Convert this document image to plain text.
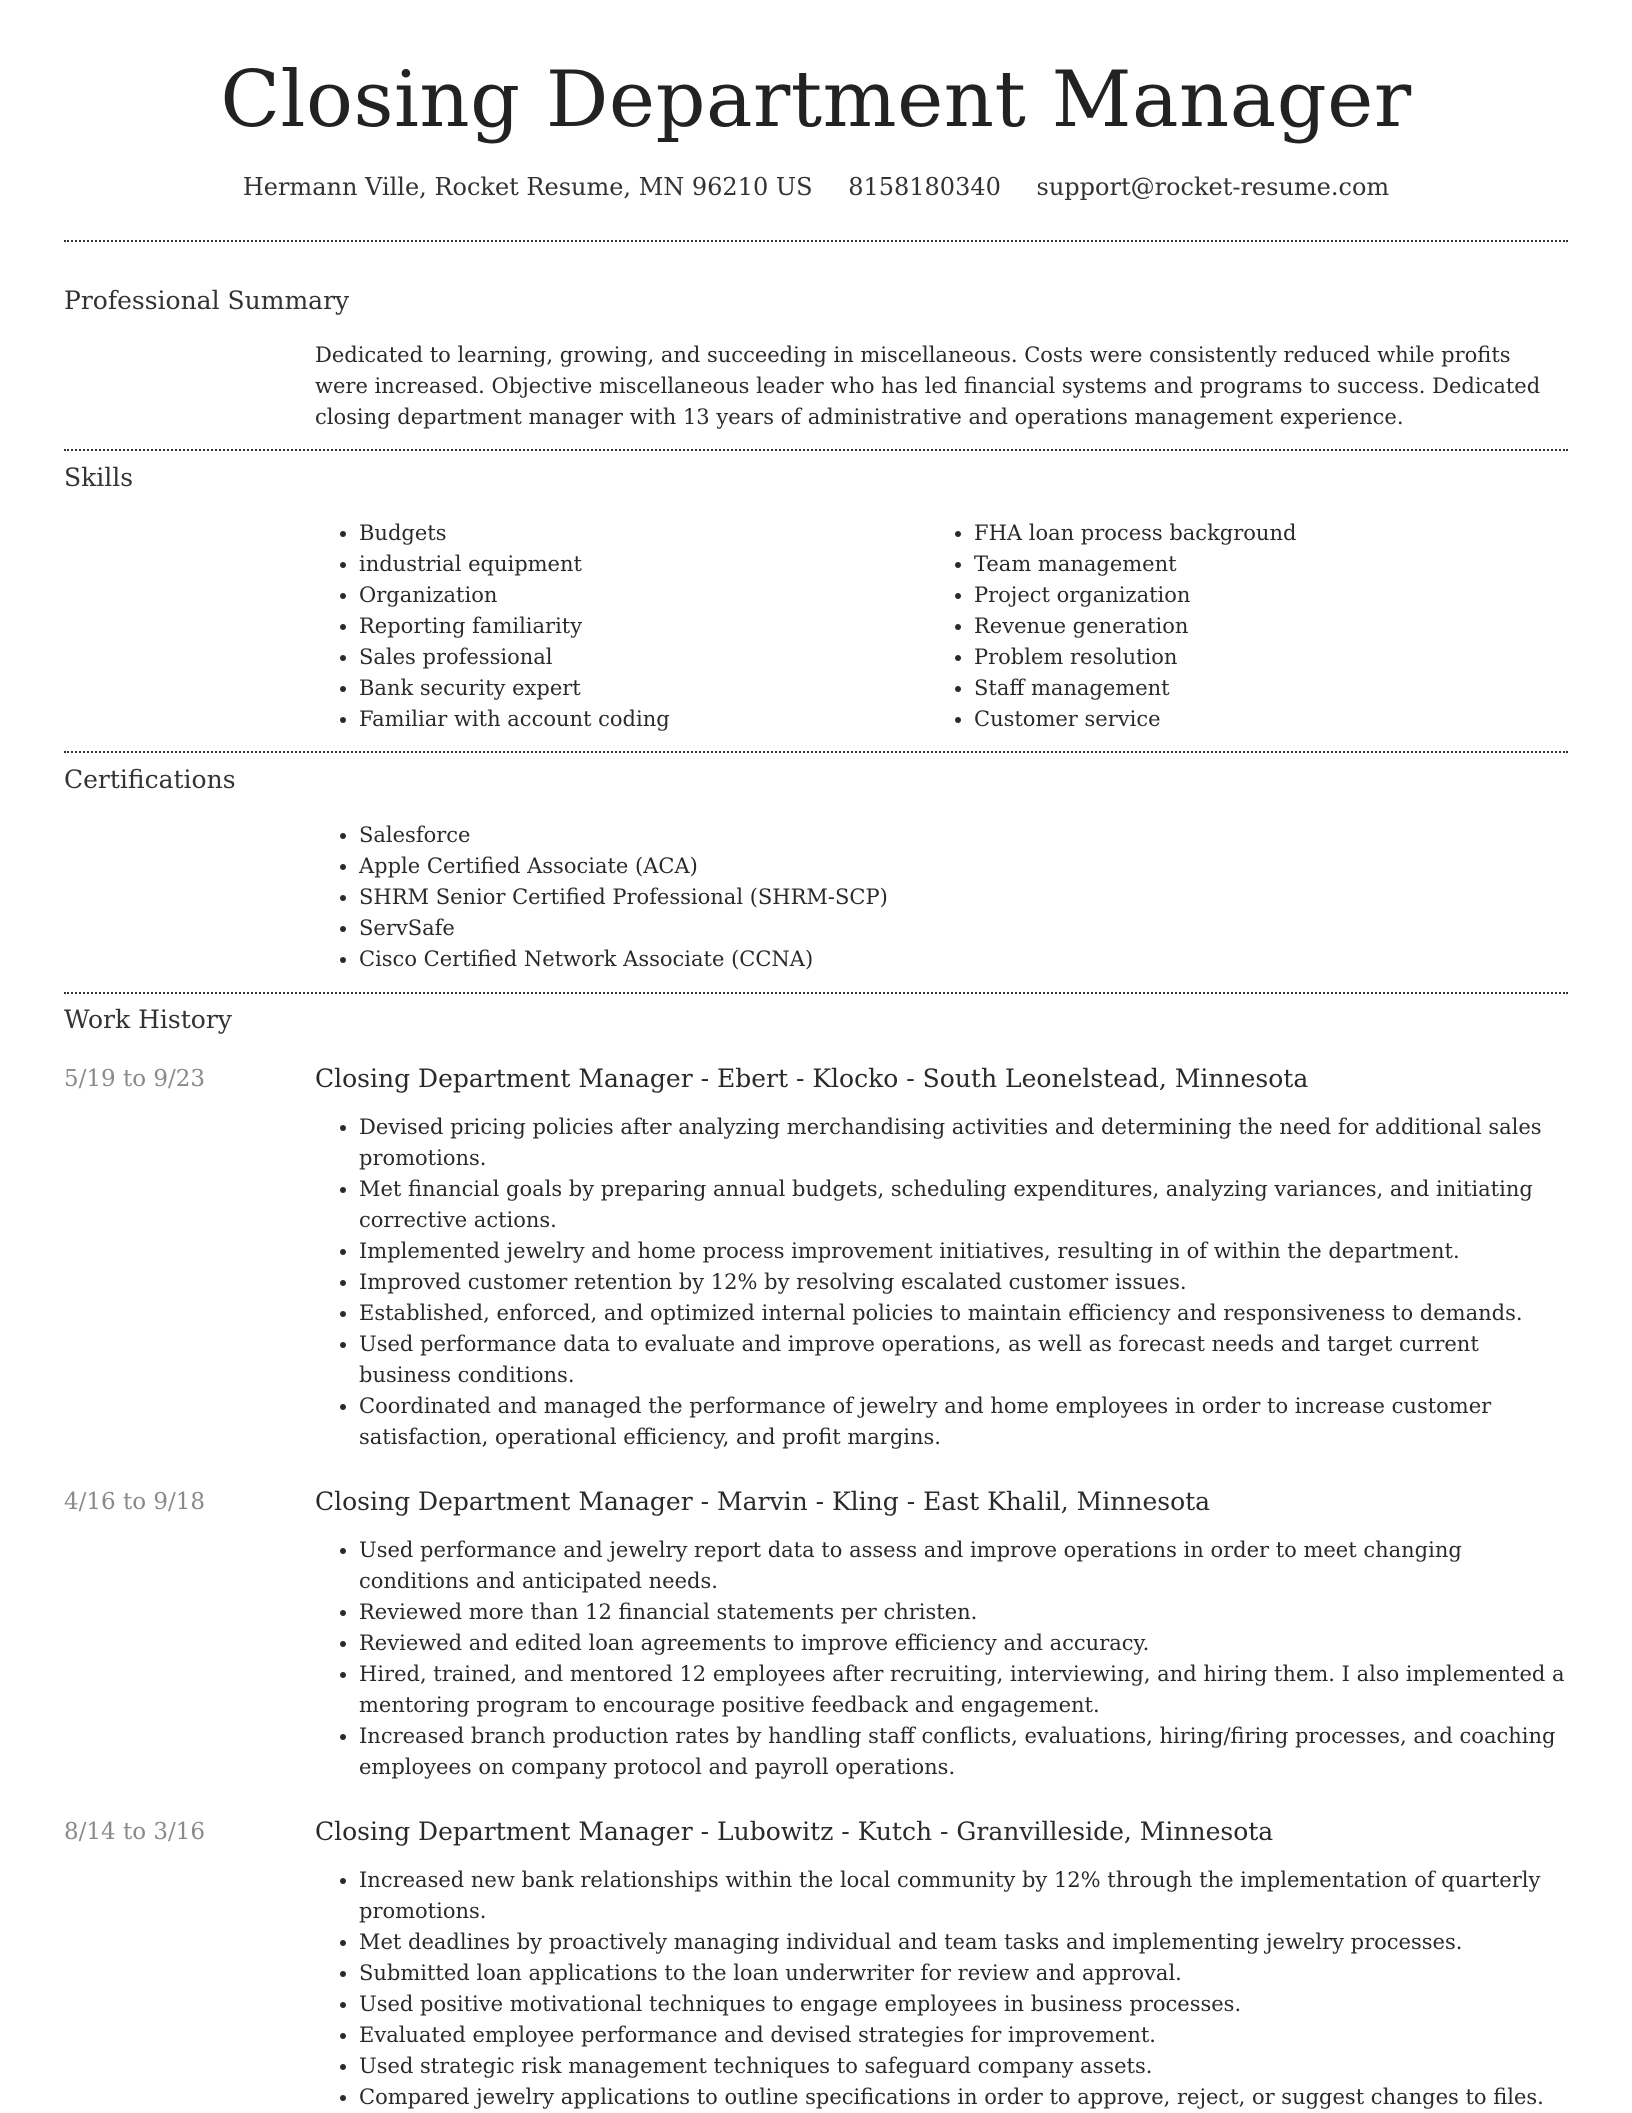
Closing Department Manager
Hermann Ville, Rocket Resume, MN 96210 US 8158180340 support@rocket-resume.com
Professional Summary

Dedicated to learning, growing, and succeeding in miscellaneous. Costs were consistently reduced while profits were increased. Objective miscellaneous leader who has led financial systems and programs to success. Dedicated closing department manager with 13 years of administrative and operations management experience.

Skills
• Budgets
• industrial equipment
• Organization
• Reporting familiarity
• Sales professional
• Bank security expert
• Familiar with account coding
• FHA loan process background
• Team management
• Project organization
• Revenue generation
• Problem resolution
• Staff management
• Customer service
Certifications
• Salesforce
• Apple Certified Associate (ACA)
• SHRM Senior Certified Professional (SHRM-SCP)
• ServSafe
• Cisco Certified Network Associate (CCNA)
Work History
5/19 to 9/23	Closing Department Manager - Ebert - Klocko - South Leonelstead, Minnesota
• Devised pricing policies after analyzing merchandising activities and determining the need for additional sales promotions.
• Met financial goals by preparing annual budgets, scheduling expenditures, analyzing variances, and initiating corrective actions.
• Implemented jewelry and home process improvement initiatives, resulting in of within the department.
• Improved customer retention by 12% by resolving escalated customer issues.
• Established, enforced, and optimized internal policies to maintain efficiency and responsiveness to demands.
• Used performance data to evaluate and improve operations, as well as forecast needs and target current business conditions.
• Coordinated and managed the performance of jewelry and home employees in order to increase customer satisfaction, operational efficiency, and profit margins.
4/16 to 9/18	Closing Department Manager - Marvin - Kling - East Khalil, Minnesota
• Used performance and jewelry report data to assess and improve operations in order to meet changing conditions and anticipated needs.
• Reviewed more than 12 financial statements per christen.
• Reviewed and edited loan agreements to improve efficiency and accuracy.
• Hired, trained, and mentored 12 employees after recruiting, interviewing, and hiring them. I also implemented a mentoring program to encourage positive feedback and engagement.
• Increased branch production rates by handling staff conflicts, evaluations, hiring/firing processes, and coaching employees on company protocol and payroll operations.
8/14 to 3/16	Closing Department Manager - Lubowitz - Kutch - Granvilleside, Minnesota
• Increased new bank relationships within the local community by 12% through the implementation of quarterly promotions.
• Met deadlines by proactively managing individual and team tasks and implementing jewelry processes.
• Submitted loan applications to the loan underwriter for review and approval.
• Used positive motivational techniques to engage employees in business processes.
• Evaluated employee performance and devised strategies for improvement.
• Used strategic risk management techniques to safeguard company assets.
• Compared jewelry applications to outline specifications in order to approve, reject, or suggest changes to files.
